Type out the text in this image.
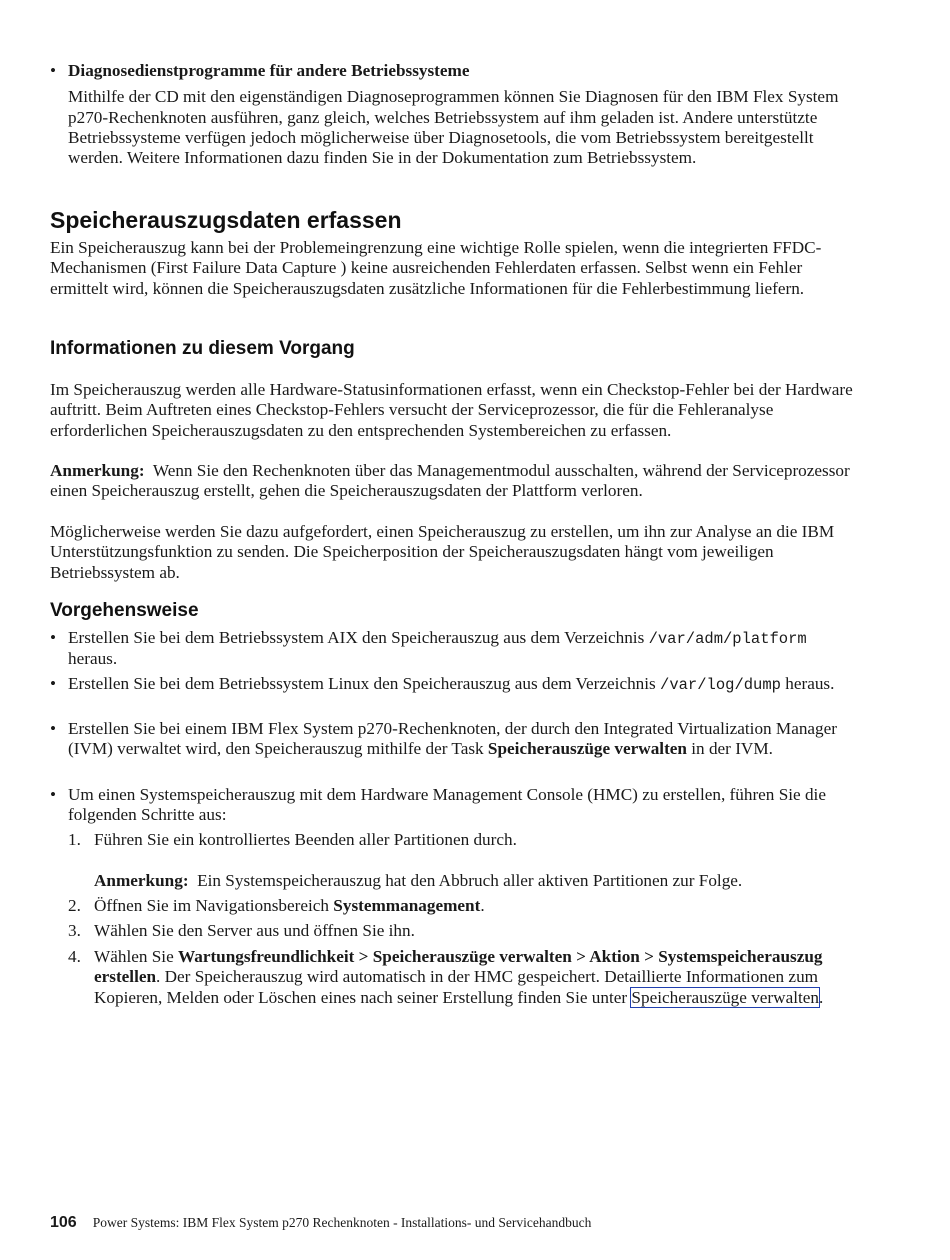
• Diagnosedienstprogramme für andere Betriebssysteme
Mithilfe der CD mit den eigenständigen Diagnoseprogrammen können Sie Diagnosen für den IBM Flex System p270-Rechenknoten ausführen, ganz gleich, welches Betriebssystem auf ihm geladen ist. Andere unterstützte Betriebssysteme verfügen jedoch möglicherweise über Diagnosetools, die vom Betriebssystem bereitgestellt werden. Weitere Informationen dazu finden Sie in der Dokumentation zum Betriebssystem.
Speicherauszugsdaten erfassen
Ein Speicherauszug kann bei der Problemeingrenzung eine wichtige Rolle spielen, wenn die integrierten FFDC-Mechanismen (First Failure Data Capture ) keine ausreichenden Fehlerdaten erfassen. Selbst wenn ein Fehler ermittelt wird, können die Speicherauszugsdaten zusätzliche Informationen für die Fehlerbestimmung liefern.
Informationen zu diesem Vorgang
Im Speicherauszug werden alle Hardware-Statusinformationen erfasst, wenn ein Checkstop-Fehler bei der Hardware auftritt. Beim Auftreten eines Checkstop-Fehlers versucht der Serviceprozessor, die für die Fehleranalyse erforderlichen Speicherauszugsdaten zu den entsprechenden Systembereichen zu erfassen.
Anmerkung: Wenn Sie den Rechenknoten über das Managementmodul ausschalten, während der Serviceprozessor einen Speicherauszug erstellt, gehen die Speicherauszugsdaten der Plattform verloren.
Möglicherweise werden Sie dazu aufgefordert, einen Speicherauszug zu erstellen, um ihn zur Analyse an die IBM Unterstützungsfunktion zu senden. Die Speicherposition der Speicherauszugsdaten hängt vom jeweiligen Betriebssystem ab.
Vorgehensweise
• Erstellen Sie bei dem Betriebssystem AIX den Speicherauszug aus dem Verzeichnis /var/adm/platform heraus.
• Erstellen Sie bei dem Betriebssystem Linux den Speicherauszug aus dem Verzeichnis /var/log/dump heraus.
• Erstellen Sie bei einem IBM Flex System p270-Rechenknoten, der durch den Integrated Virtualization Manager (IVM) verwaltet wird, den Speicherauszug mithilfe der Task Speicherauszüge verwalten in der IVM.
• Um einen Systemspeicherauszug mit dem Hardware Management Console (HMC) zu erstellen, führen Sie die folgenden Schritte aus:
1. Führen Sie ein kontrolliertes Beenden aller Partitionen durch.
Anmerkung: Ein Systemspeicherauszug hat den Abbruch aller aktiven Partitionen zur Folge.
2. Öffnen Sie im Navigationsbereich Systemmanagement.
3. Wählen Sie den Server aus und öffnen Sie ihn.
4. Wählen Sie Wartungsfreundlichkeit > Speicherauszüge verwalten > Aktion > Systemspeicherauszug erstellen. Der Speicherauszug wird automatisch in der HMC gespeichert. Detaillierte Informationen zum Kopieren, Melden oder Löschen eines nach seiner Erstellung finden Sie unter Speicherauszüge verwalten.
106 Power Systems: IBM Flex System p270 Rechenknoten - Installations- und Servicehandbuch
